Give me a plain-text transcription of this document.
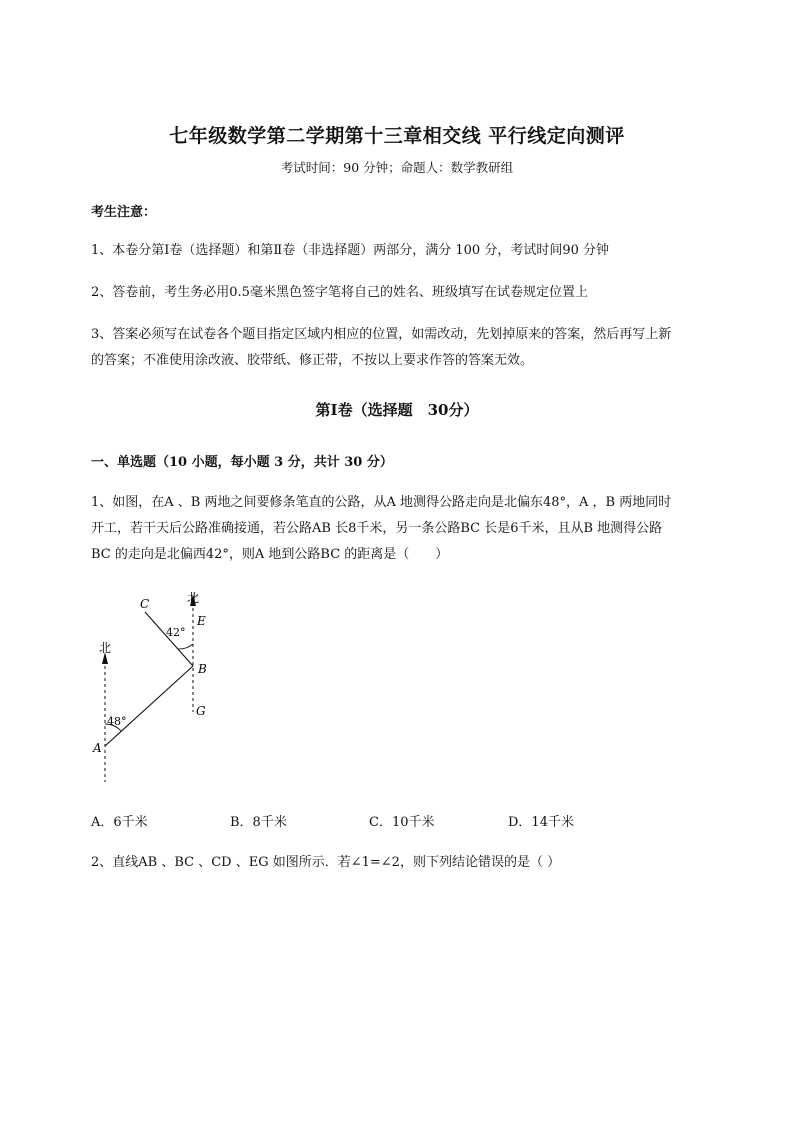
七年级数学第二学期第十三章相交线 平行线定向测评
考试时间：90 分钟；命题人：数学教研组
考生注意：
1、本卷分第Ⅰ卷（选择题）和第Ⅱ卷（非选择题）两部分，满分 100 分，考试时间90 分钟
2、答卷前，考生务必用0.5毫米黑色签字笔将自己的姓名、班级填写在试卷规定位置上
3、答案必须写在试卷各个题目指定区域内相应的位置，如需改动，先划掉原来的答案，然后再写上新
的答案；不准使用涂改液、胶带纸、修正带，不按以上要求作答的答案无效。
第Ⅰ卷（选择题　30分）
一、单选题（10 小题，每小题 3 分，共计 30 分）
1、如图，在A 、B 两地之间要修条笔直的公路，从A 地测得公路走向是北偏东48°，A ，B 两地同时
开工，若干天后公路准确接通，若公路AB 长8千米，另一条公路BC 长是6千米，且从B 地测得公路
BC 的走向是北偏西42°，则A 地到公路BC 的距离是（　　）
北
北
42°
48°
C
E
B
G
A
A．6千米	B．8千米	C．10千米	D．14千米
2、直线AB 、BC 、CD 、EG 如图所示．若∠1=∠2，则下列结论错误的是（ ）
